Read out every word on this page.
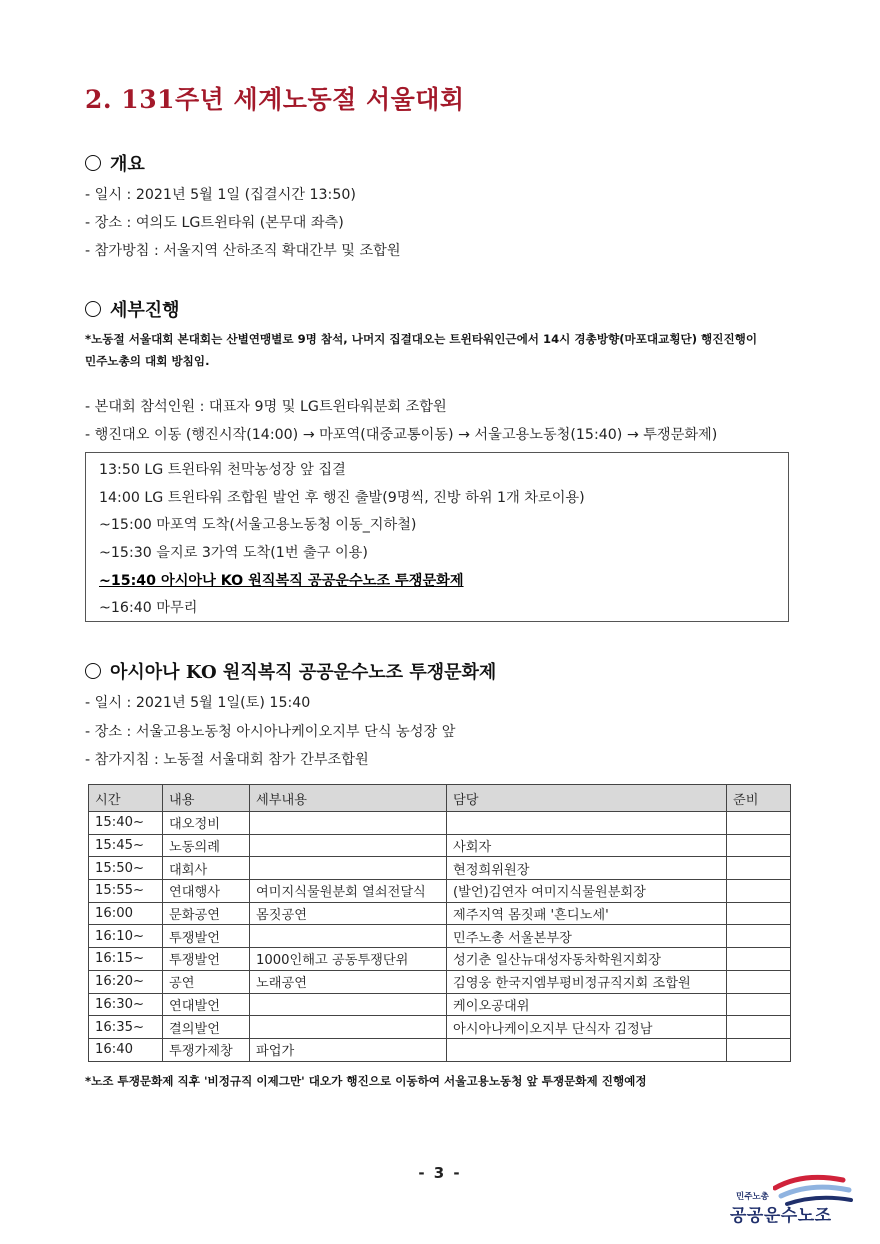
2. 131주년 세계노동절 서울대회
개요
- 일시 : 2021년 5월 1일 (집결시간 13:50)
- 장소 : 여의도 LG트윈타워 (본무대 좌측)
- 참가방침 : 서울지역 산하조직 확대간부 및 조합원
세부진행
*노동절 서울대회 본대회는 산별연맹별로 9명 참석, 나머지 집결대오는 트윈타워인근에서 14시 경총방향(마포대교횡단) 행진진행이
민주노총의 대회 방침임.
- 본대회 참석인원 : 대표자 9명 및 LG트윈타워분회 조합원
- 행진대오 이동 (행진시작(14:00) → 마포역(대중교통이동) → 서울고용노동청(15:40) → 투쟁문화제)
13:50 LG 트윈타워 천막농성장 앞 집결
14:00 LG 트윈타워 조합원 발언 후 행진 출발(9명씩, 진방 하위 1개 차로이용)
~15:00 마포역 도착(서울고용노동청 이동_지하철)
~15:30 을지로 3가역 도착(1번 출구 이용)
~15:40 아시아나 KO 원직복직 공공운수노조 투쟁문화제
~16:40 마무리
아시아나 KO 원직복직 공공운수노조 투쟁문화제
- 일시 : 2021년 5월 1일(토) 15:40
- 장소 : 서울고용노동청 아시아나케이오지부 단식 농성장 앞
- 참가지침 : 노동절 서울대회 참가 간부조합원
시간	내용	세부내용	담당	준비
15:40~	대오정비			
15:45~	노동의례		사회자	
15:50~	대회사		현정희위원장	
15:55~	연대행사	여미지식물원분회 열쇠전달식	(발언)김연자 여미지식물원분회장	
16:00	문화공연	몸짓공연	제주지역 몸짓패 '흔디노세'	
16:10~	투쟁발언		민주노총 서울본부장	
16:15~	투쟁발언	1000인해고 공동투쟁단위	성기춘 일산뉴대성자동차학원지회장	
16:20~	공연	노래공연	김영웅 한국지엠부평비정규직지회 조합원	
16:30~	연대발언		케이오공대위	
16:35~	결의발언		아시아나케이오지부 단식자 김정남	
16:40	투쟁가제창	파업가		
*노조 투쟁문화제 직후 '비정규직 이제그만' 대오가 행진으로 이동하여 서울고용노동청 앞 투쟁문화제 진행예정
- 3 -
민주노총
공공운수노조
